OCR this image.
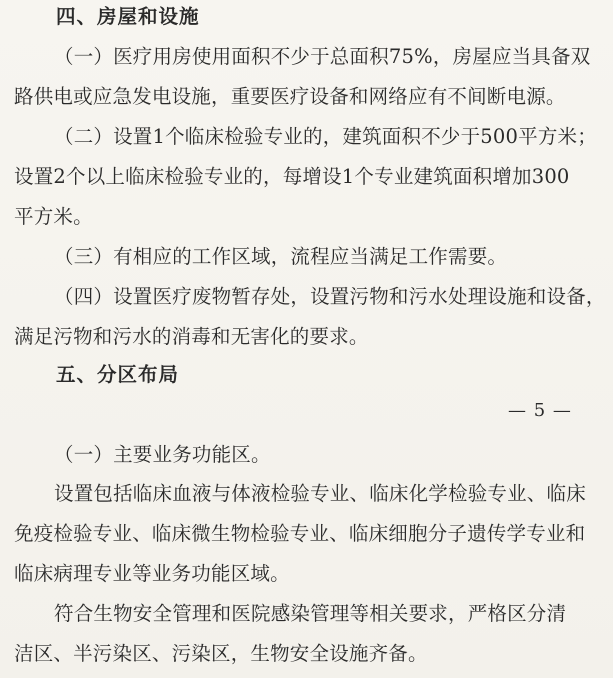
四、房屋和设施
（一）医疗用房使用面积不少于总面积75%，房屋应当具备双
路供电或应急发电设施，重要医疗设备和网络应有不间断电源。
（二）设置1个临床检验专业的，建筑面积不少于500平方米；
设置2个以上临床检验专业的，每增设1个专业建筑面积增加300
平方米。
（三）有相应的工作区域，流程应当满足工作需要。
（四）设置医疗废物暂存处，设置污物和污水处理设施和设备，
满足污物和污水的消毒和无害化的要求。
五、分区布局
— 5 —
（一）主要业务功能区。
设置包括临床血液与体液检验专业、临床化学检验专业、临床
免疫检验专业、临床微生物检验专业、临床细胞分子遗传学专业和
临床病理专业等业务功能区域。
符合生物安全管理和医院感染管理等相关要求，严格区分清
洁区、半污染区、污染区，生物安全设施齐备。
